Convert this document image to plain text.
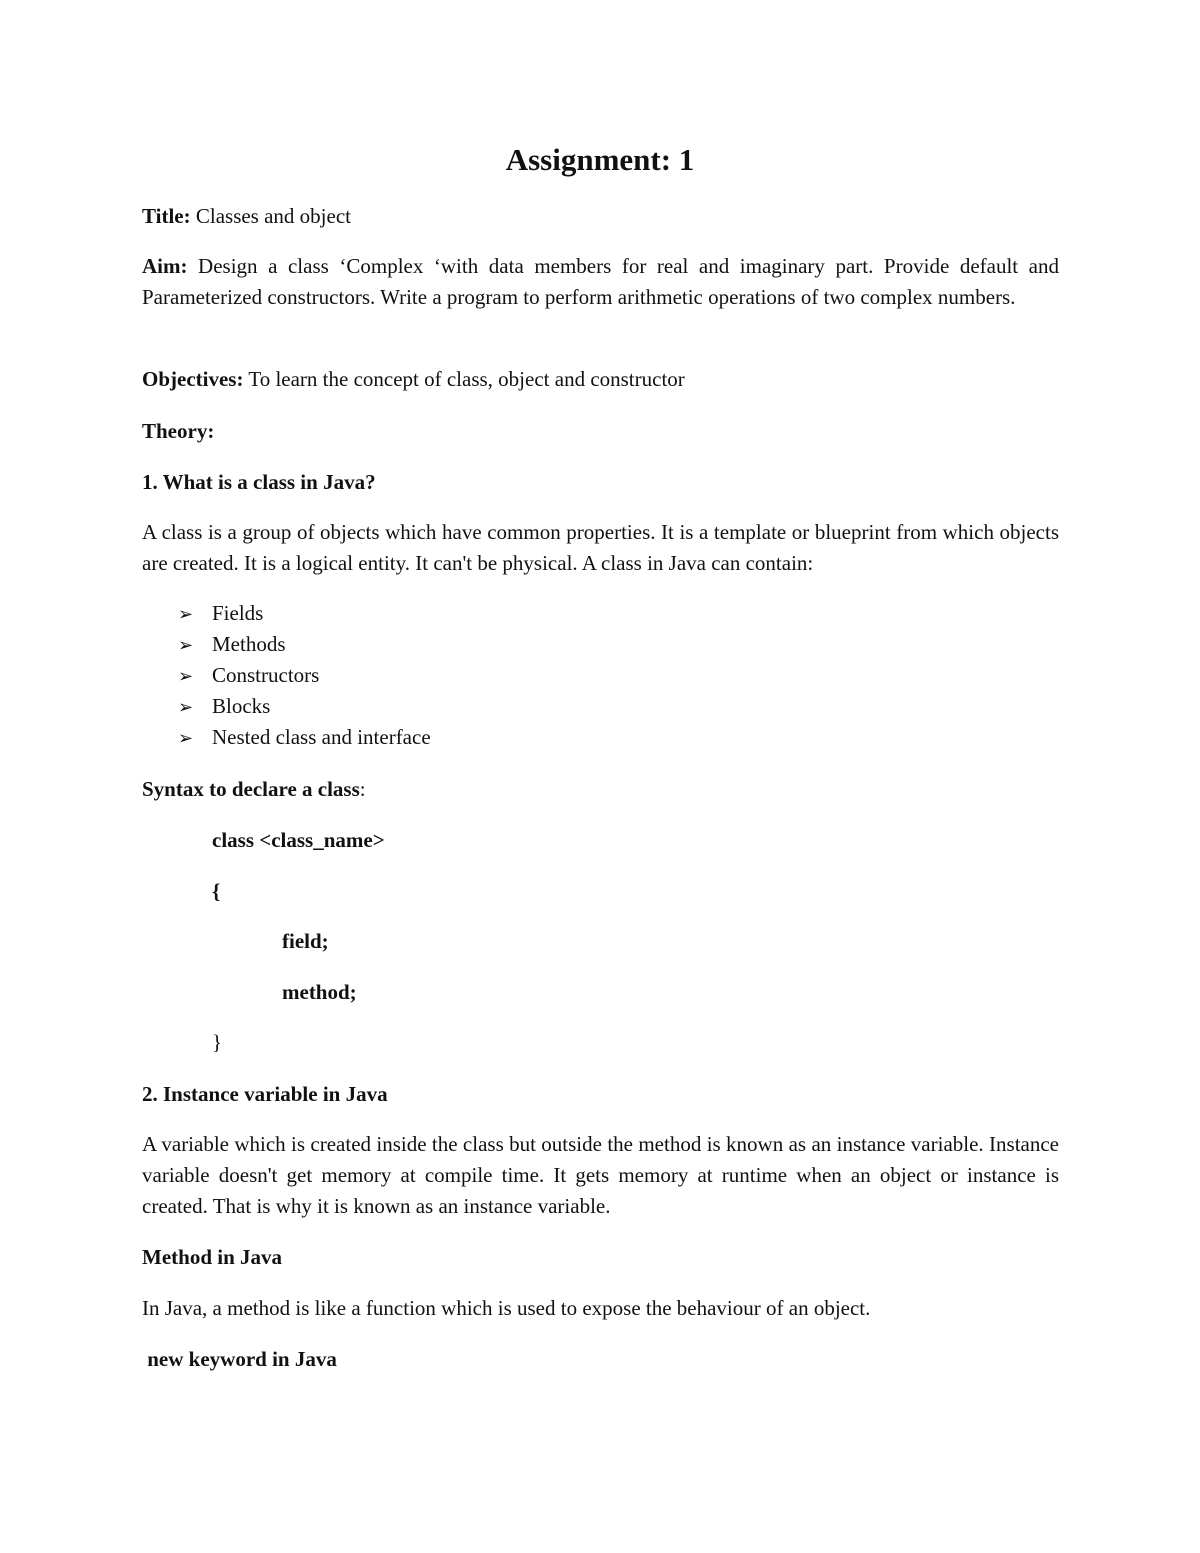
Assignment: 1
Title: Classes and object
Aim: Design a class ‘Complex ‘with data members for real and imaginary part. Provide default and Parameterized constructors. Write a program to perform arithmetic operations of two complex numbers.
Objectives: To learn the concept of class, object and constructor
Theory:
1. What is a class in Java?
A class is a group of objects which have common properties. It is a template or blueprint from which objects are created. It is a logical entity. It can't be physical. A class in Java can contain:
➢ Fields
➢ Methods
➢ Constructors
➢ Blocks
➢ Nested class and interface
Syntax to declare a class:
class <class_name>
{
field;
method;
}
2. Instance variable in Java
A variable which is created inside the class but outside the method is known as an instance variable. Instance variable doesn't get memory at compile time. It gets memory at runtime when an object or instance is created. That is why it is known as an instance variable.
Method in Java
In Java, a method is like a function which is used to expose the behaviour of an object.
new keyword in Java
